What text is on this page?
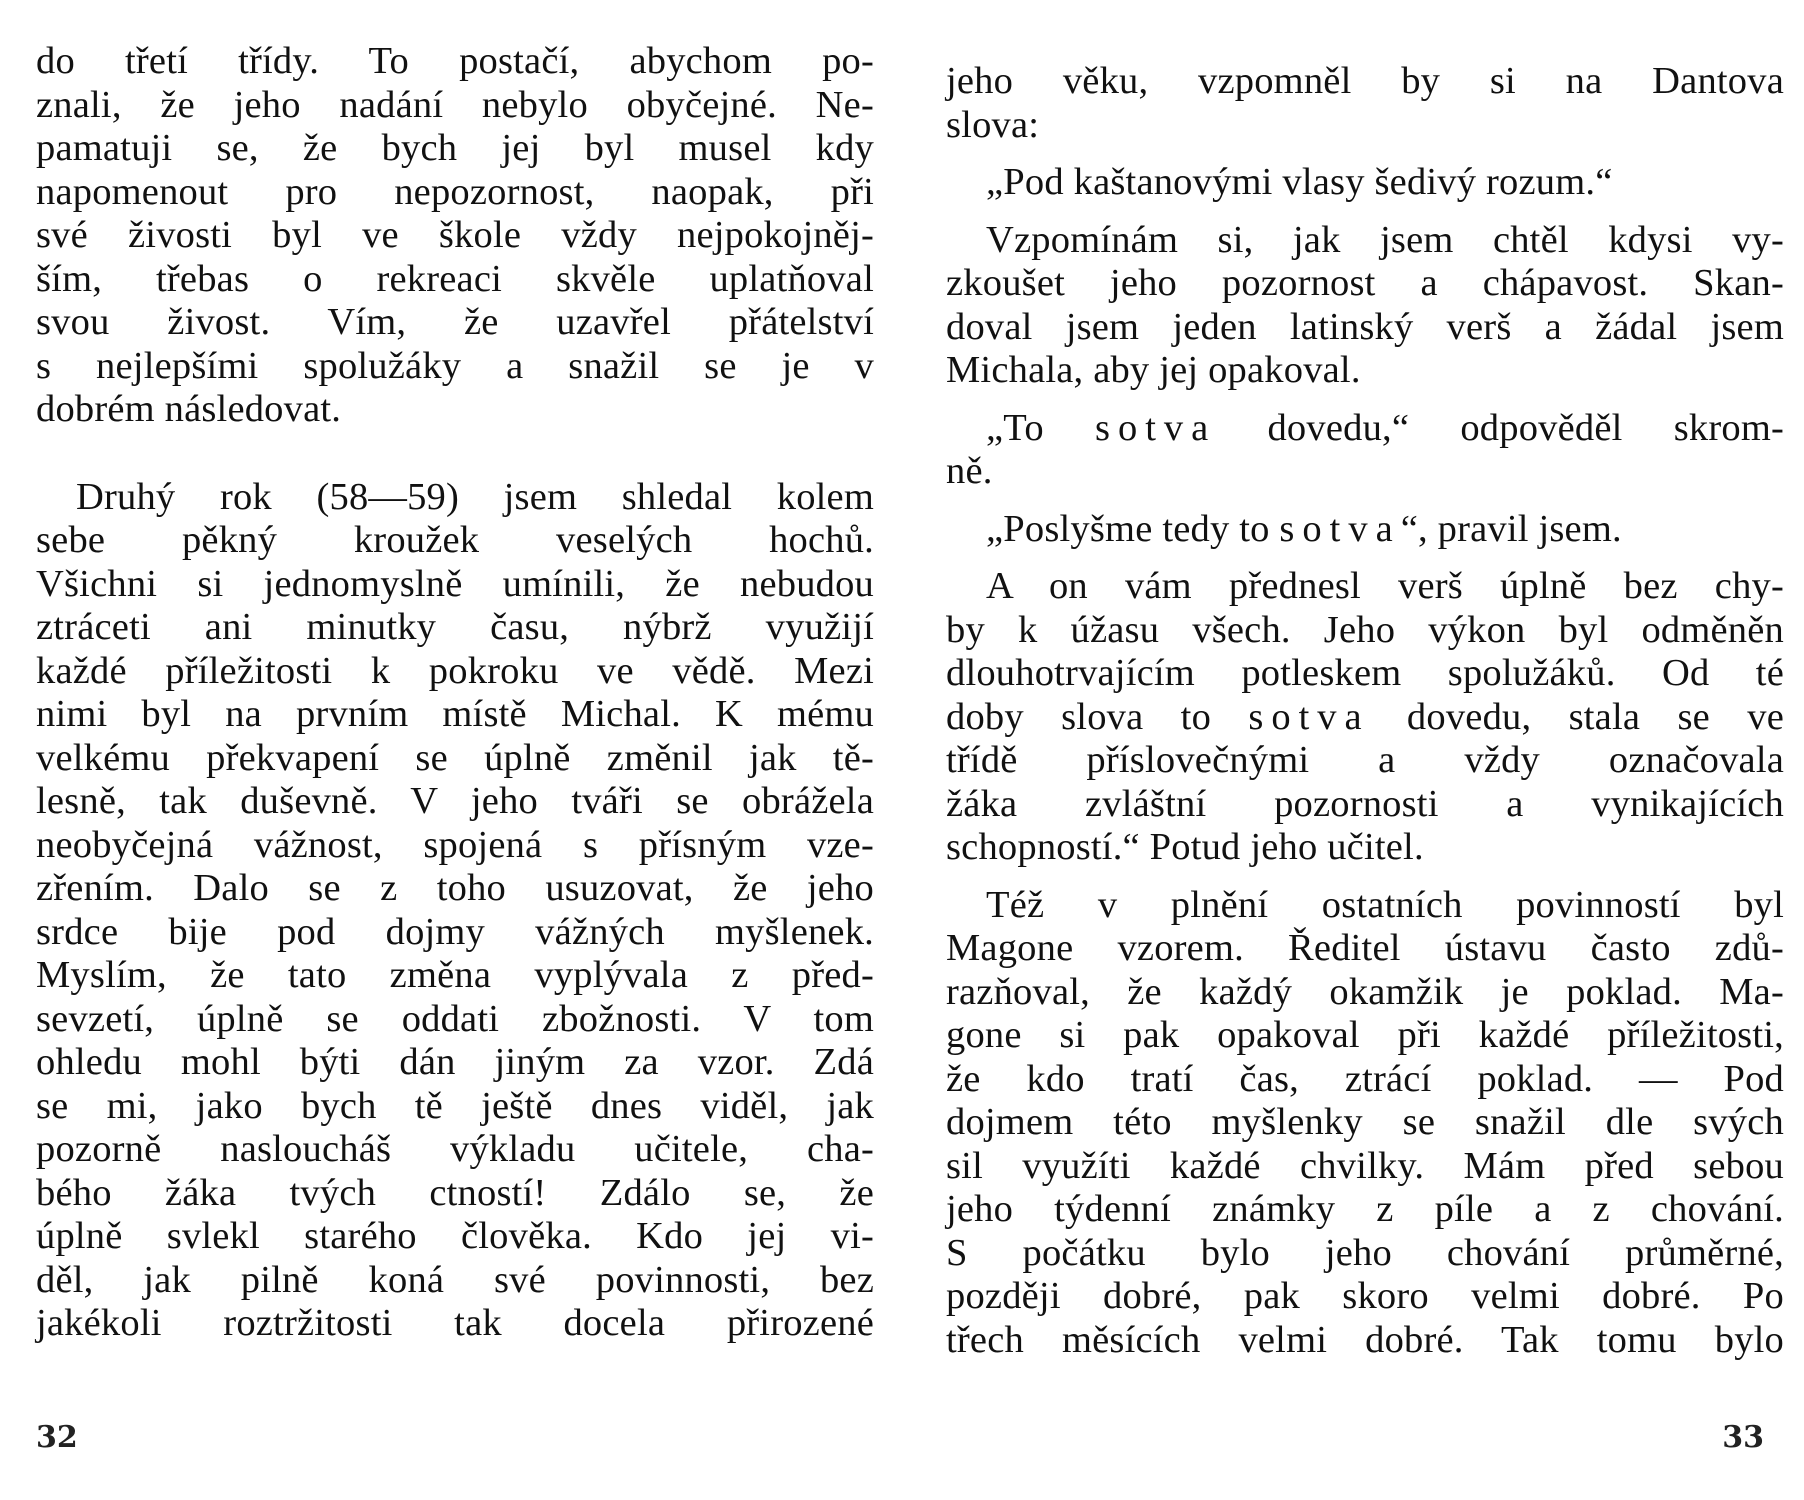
do třetí třídy. To postačí, abychom po-
znali, že jeho nadání nebylo obyčejné. Ne-
pamatuji se, že bych jej byl musel kdy
napomenout pro nepozornost, naopak, při
své živosti byl ve škole vždy nejpokojněj-
ším, třebas o rekreaci skvěle uplatňoval
svou živost. Vím, že uzavřel přátelství
s nejlepšími spolužáky a snažil se je v
dobrém následovat.
Druhý rok (58—59) jsem shledal kolem
sebe pěkný kroužek veselých hochů.
Všichni si jednomyslně umínili, že nebudou
ztráceti ani minutky času, nýbrž využijí
každé příležitosti k pokroku ve vědě. Mezi
nimi byl na prvním místě Michal. K mému
velkému překvapení se úplně změnil jak tě-
lesně, tak duševně. V jeho tváři se obrážela
neobyčejná vážnost, spojená s přísným vze-
zřením. Dalo se z toho usuzovat, že jeho
srdce bije pod dojmy vážných myšlenek.
Myslím, že tato změna vyplývala z před-
sevzetí, úplně se oddati zbožnosti. V tom
ohledu mohl býti dán jiným za vzor. Zdá
se mi, jako bych tě ještě dnes viděl, jak
pozorně nasloucháš výkladu učitele, cha-
bého žáka tvých ctností! Zdálo se, že
úplně svlekl starého člověka. Kdo jej vi-
děl, jak pilně koná své povinnosti, bez
jakékoli roztržitosti tak docela přirozené
32
jeho věku, vzpomněl by si na Dantova
slova:
„Pod kaštanovými vlasy šedivý rozum.“
Vzpomínám si, jak jsem chtěl kdysi vy-
zkoušet jeho pozornost a chápavost. Skan-
doval jsem jeden latinský verš a žádal jsem
Michala, aby jej opakoval.
„To sotva dovedu,“ odpověděl skrom-
ně.
„Poslyšme tedy to sotva“, pravil jsem.
A on vám přednesl verš úplně bez chy-
by k úžasu všech. Jeho výkon byl odměněn
dlouhotrvajícím potleskem spolužáků. Od té
doby slova to sotva dovedu, stala se ve
třídě příslovečnými a vždy označovala
žáka zvláštní pozornosti a vynikajících
schopností.“ Potud jeho učitel.
Též v plnění ostatních povinností byl
Magone vzorem. Ředitel ústavu často zdů-
razňoval, že každý okamžik je poklad. Ma-
gone si pak opakoval při každé příležitosti,
že kdo tratí čas, ztrácí poklad. — Pod
dojmem této myšlenky se snažil dle svých
sil využíti každé chvilky. Mám před sebou
jeho týdenní známky z píle a z chování.
S počátku bylo jeho chování průměrné,
později dobré, pak skoro velmi dobré. Po
třech měsících velmi dobré. Tak tomu bylo
33
